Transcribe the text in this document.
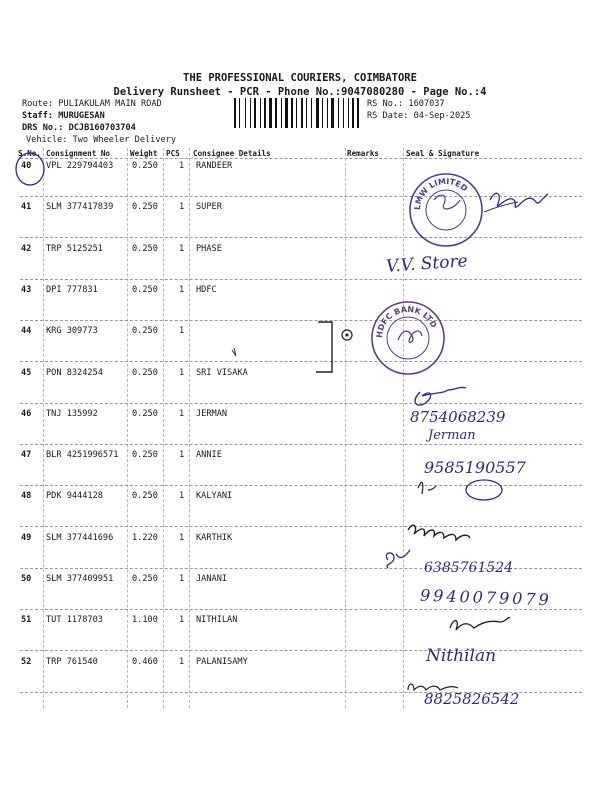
THE PROFESSIONAL COURIERS, COIMBATORE
Delivery Runsheet - PCR - Phone No.:9047080280 - Page No.:4
Route: PULIAKULAM MAIN ROAD
Staff: MURUGESAN
DRS No.: DCJB160703704
Vehicle: Two Wheeler Delivery
RS No.: 1607037
RS Date: 04-Sep-2025
S.No. Consignment No	Weight PCS Consignee Details	Remarks	Seal & Signature
40 VPL 229794403 0.250 1 RANDEER
41 SLM 377417839 0.250 1 SUPER
42 TRP 5125251	0.250 1 PHASE
43 DPI 777831	0.250 1 HDFC
44 KRG 309773	0.250 1
45 PON 8324254	0.250 1 SRI VISAKA
46 TNJ 135992	0.250 1 JERMAN
47 BLR 4251996571 0.250 1 ANNIE
48 PDK 9444128	0.250 1 KALYANI
49 SLM 377441696 1.220 1 KARTHIK
50 SLM 377409951 0.250 1 JANANI
51 TUT 1178703	1.100 1 NITHILAN
52 TRP 761540	0.460 1 PALANISAMY
V.V. Store
8754068239
Jerman
9585190557
6385761524
9940079079
Nithilan
8825826542
LMW LIMITED
HDFC BANK LTD
